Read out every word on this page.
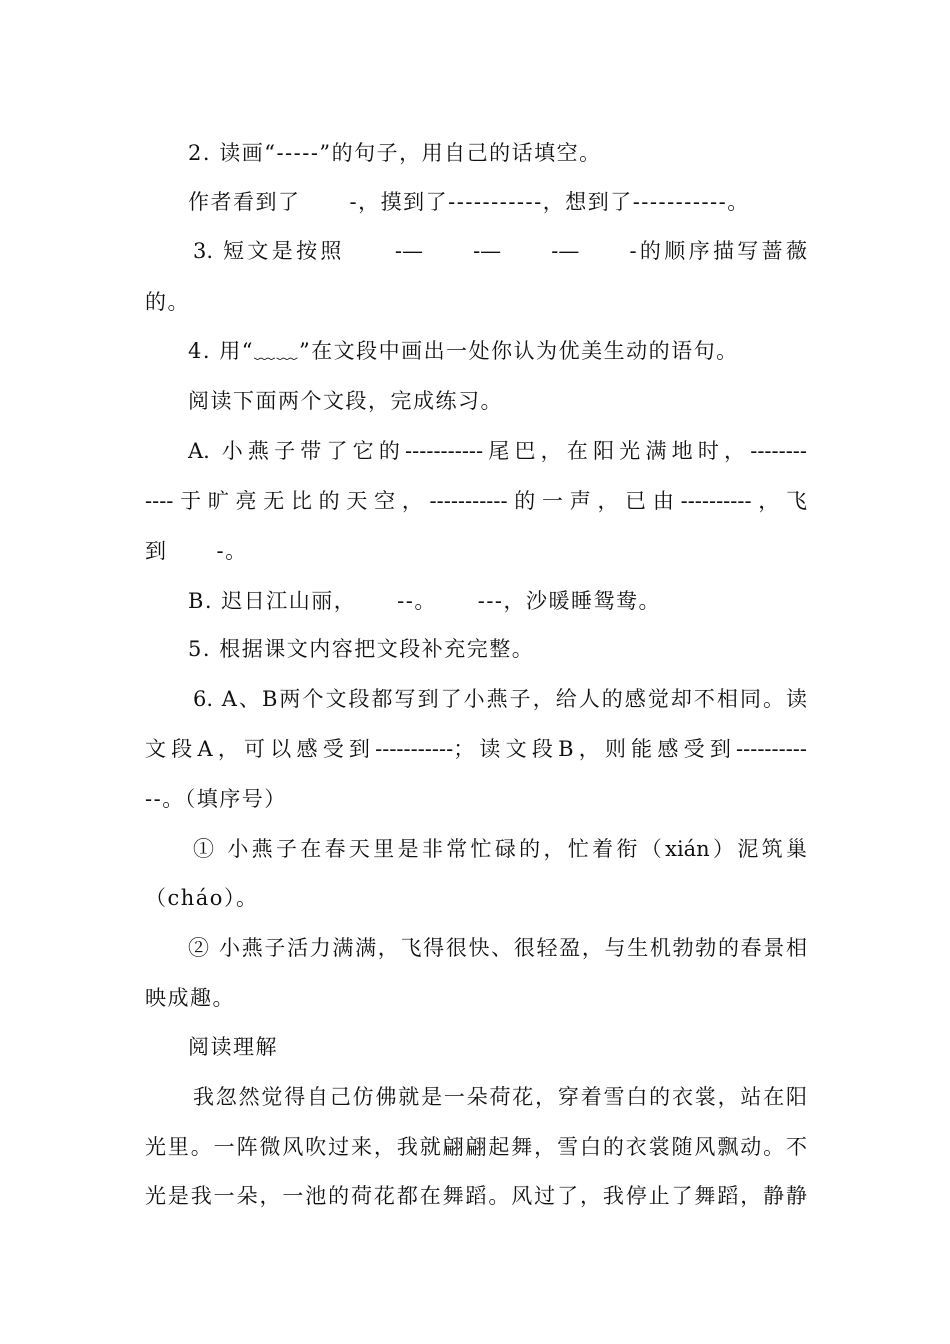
2. 读画“-----”的句子，用自己的话填空。
作者看到了      -，摸到了-----------，想到了-----------。
3. 短文是按照     -—     -—     -—     -的顺序描写蔷薇
的。
4. 用“﹏﹏”在文段中画出一处你认为优美生动的语句。
阅读下面两个文段，完成练习。
A. 小燕子带了它的-----------尾巴，在阳光满地时，--------
----于旷亮无比的天空，-----------的一声，已由----------，飞
到      -。
B. 迟日江山丽，     --。     ---，沙暖睡鸳鸯。
5. 根据课文内容把文段补充完整。
6. A、B两个文段都写到了小燕子，给人的感觉却不相同。读
文段A，可以感受到-----------；读文段B，则能感受到----------
--。（填序号）
① 小燕子在春天里是非常忙碌的，忙着衔（xián）泥筑巢
（cháo）。
② 小燕子活力满满，飞得很快、很轻盈，与生机勃勃的春景相
映成趣。
阅读理解
我忽然觉得自己仿佛就是一朵荷花，穿着雪白的衣裳，站在阳
光里。一阵微风吹过来，我就翩翩起舞，雪白的衣裳随风飘动。不
光是我一朵，一池的荷花都在舞蹈。风过了，我停止了舞蹈，静静
